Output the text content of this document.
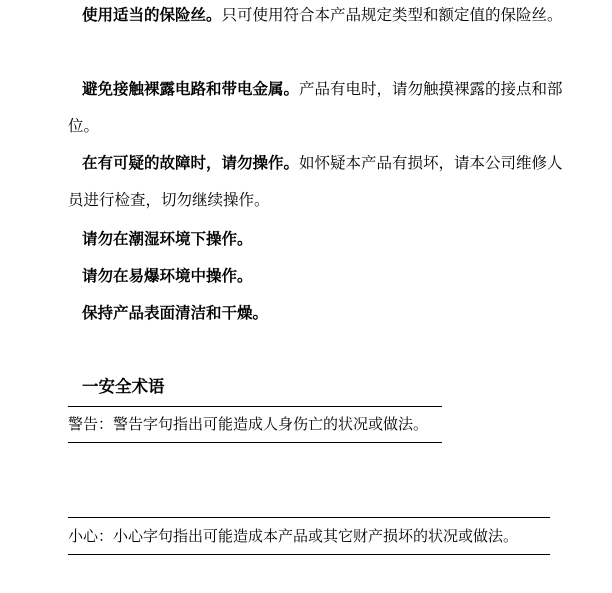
使用适当的保险丝。只可使用符合本产品规定类型和额定值的保险丝。

避免接触裸露电路和带电金属。产品有电时，请勿触摸裸露的接点和部位。

在有可疑的故障时，请勿操作。如怀疑本产品有损坏，请本公司维修人员进行检查，切勿继续操作。

请勿在潮湿环境下操作。

请勿在易爆环境中操作。

保持产品表面清洁和干燥。

一安全术语
警告：警告字句指出可能造成人身伤亡的状况或做法。
小心：小心字句指出可能造成本产品或其它财产损坏的状况或做法。
